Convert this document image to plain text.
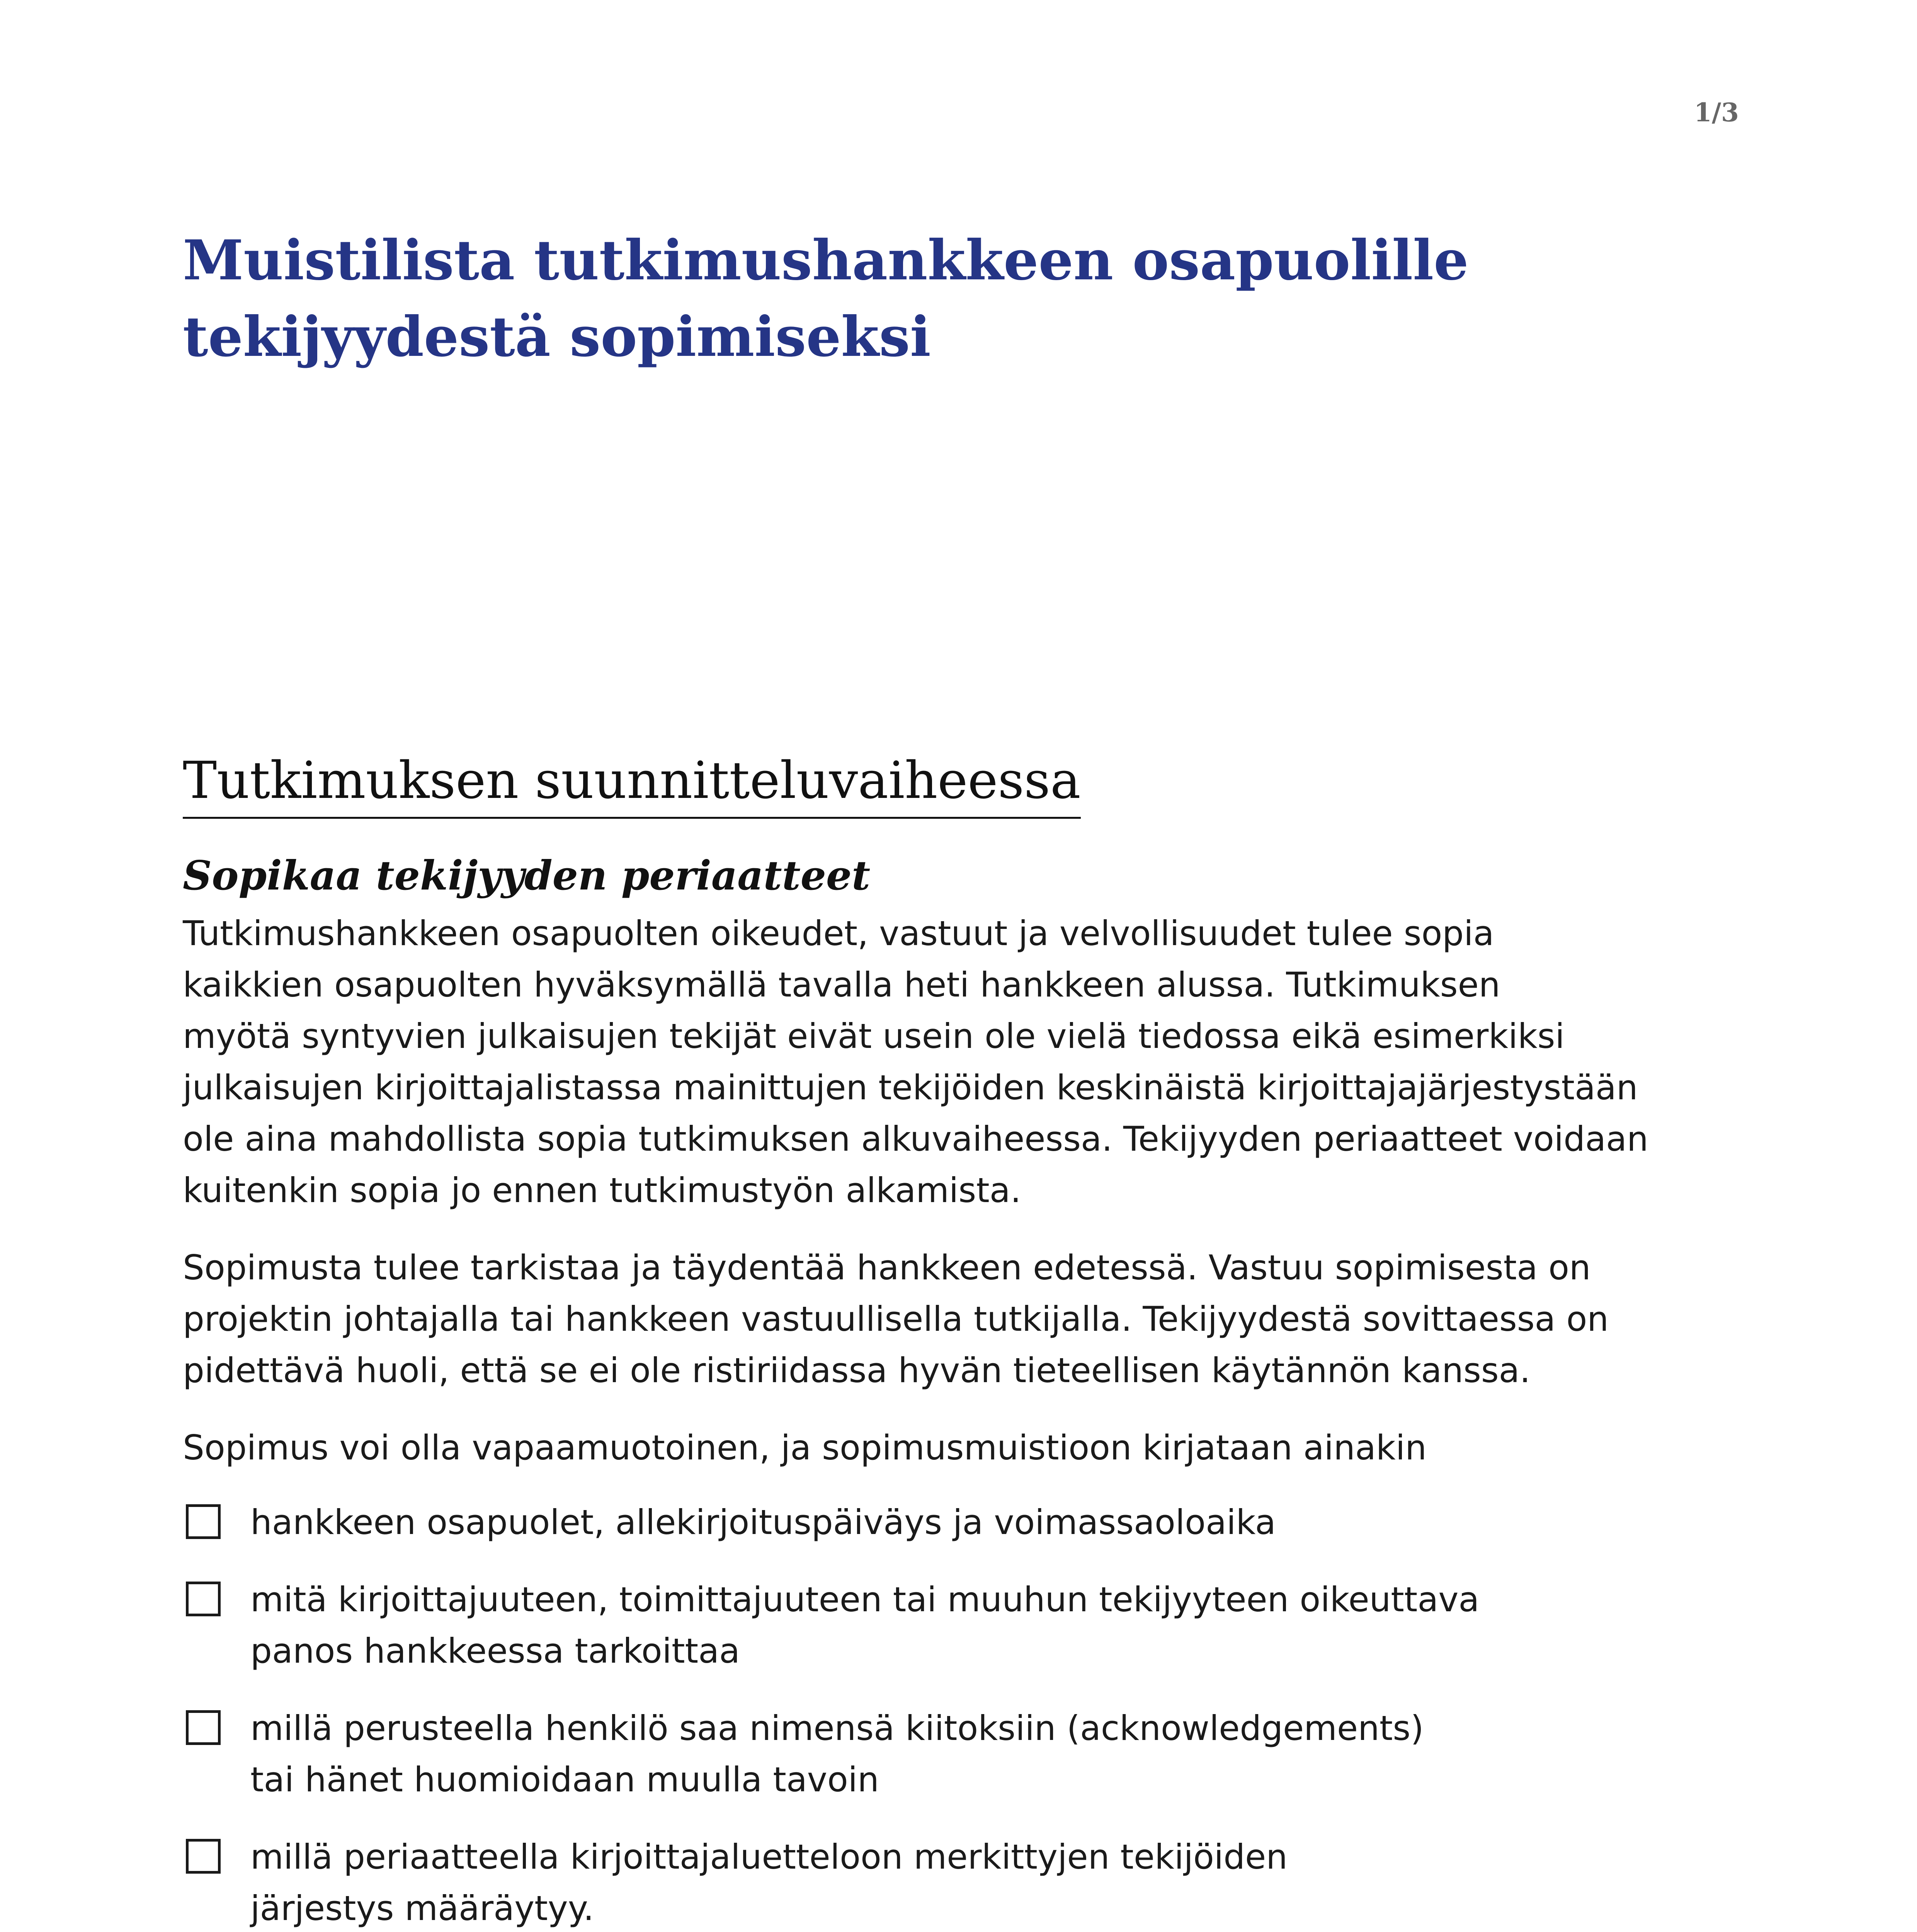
1/3
Muistilista tutkimushankkeen osapuolille
tekijyydestä sopimiseksi
Tutkimuksen suunnitteluvaiheessa
Sopikaa tekijyyden periaatteet

Tutkimushankkeen osapuolten oikeudet, vastuut ja velvollisuudet tulee sopia
kaikkien osapuolten hyväksymällä tavalla heti hankkeen alussa. Tutkimuksen
myötä syntyvien julkaisujen tekijät eivät usein ole vielä tiedossa eikä esimerkiksi
julkaisujen kirjoittajalistassa mainittujen tekijöiden keskinäistä kirjoittajajärjestystään
ole aina mahdollista sopia tutkimuksen alkuvaiheessa. Tekijyyden periaatteet voidaan
kuitenkin sopia jo ennen tutkimustyön alkamista.

Sopimusta tulee tarkistaa ja täydentää hankkeen edetessä. Vastuu sopimisesta on
projektin johtajalla tai hankkeen vastuullisella tutkijalla. Tekijyydestä sovittaessa on
pidettävä huoli, että se ei ole ristiriidassa hyvän tieteellisen käytännön kanssa.

Sopimus voi olla vapaamuotoinen, ja sopimusmuistioon kirjataan ainakin

hankkeen osapuolet, allekirjoituspäiväys ja voimassaoloaika
mitä kirjoittajuuteen, toimittajuuteen tai muuhun tekijyyteen oikeuttava
panos hankkeessa tarkoittaa
millä perusteella henkilö saa nimensä kiitoksiin (acknowledgements)
tai hänet huomioidaan muulla tavoin
millä periaatteella kirjoittajaluetteloon merkittyjen tekijöiden
järjestys määräytyy.
